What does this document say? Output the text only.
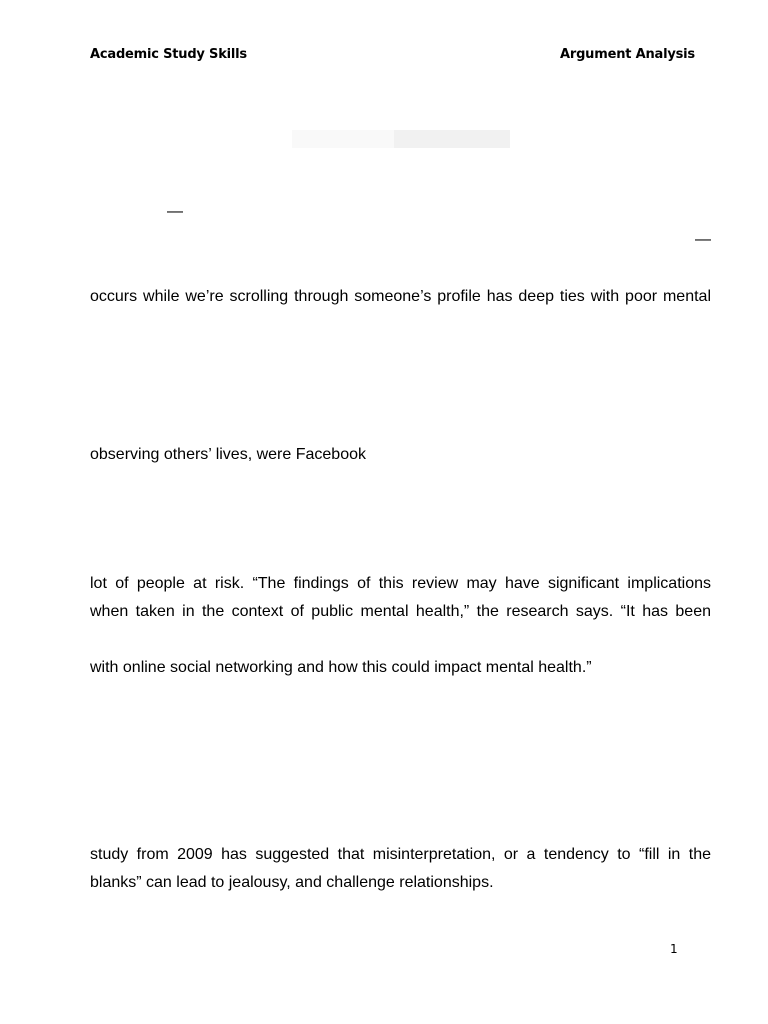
Academic Study Skills	Argument Analysis
—
—
occurs while we’re scrolling through someone’s profile has deep ties with poor mental
observing others’ lives, were Facebook
lot of people at risk. “The findings of this review may have significant implications
when taken in the context of public mental health,” the research says. “It has been
with online social networking and how this could impact mental health.”
study from 2009 has suggested that misinterpretation, or a tendency to “fill in the
blanks” can lead to jealousy, and challenge relationships.
1
